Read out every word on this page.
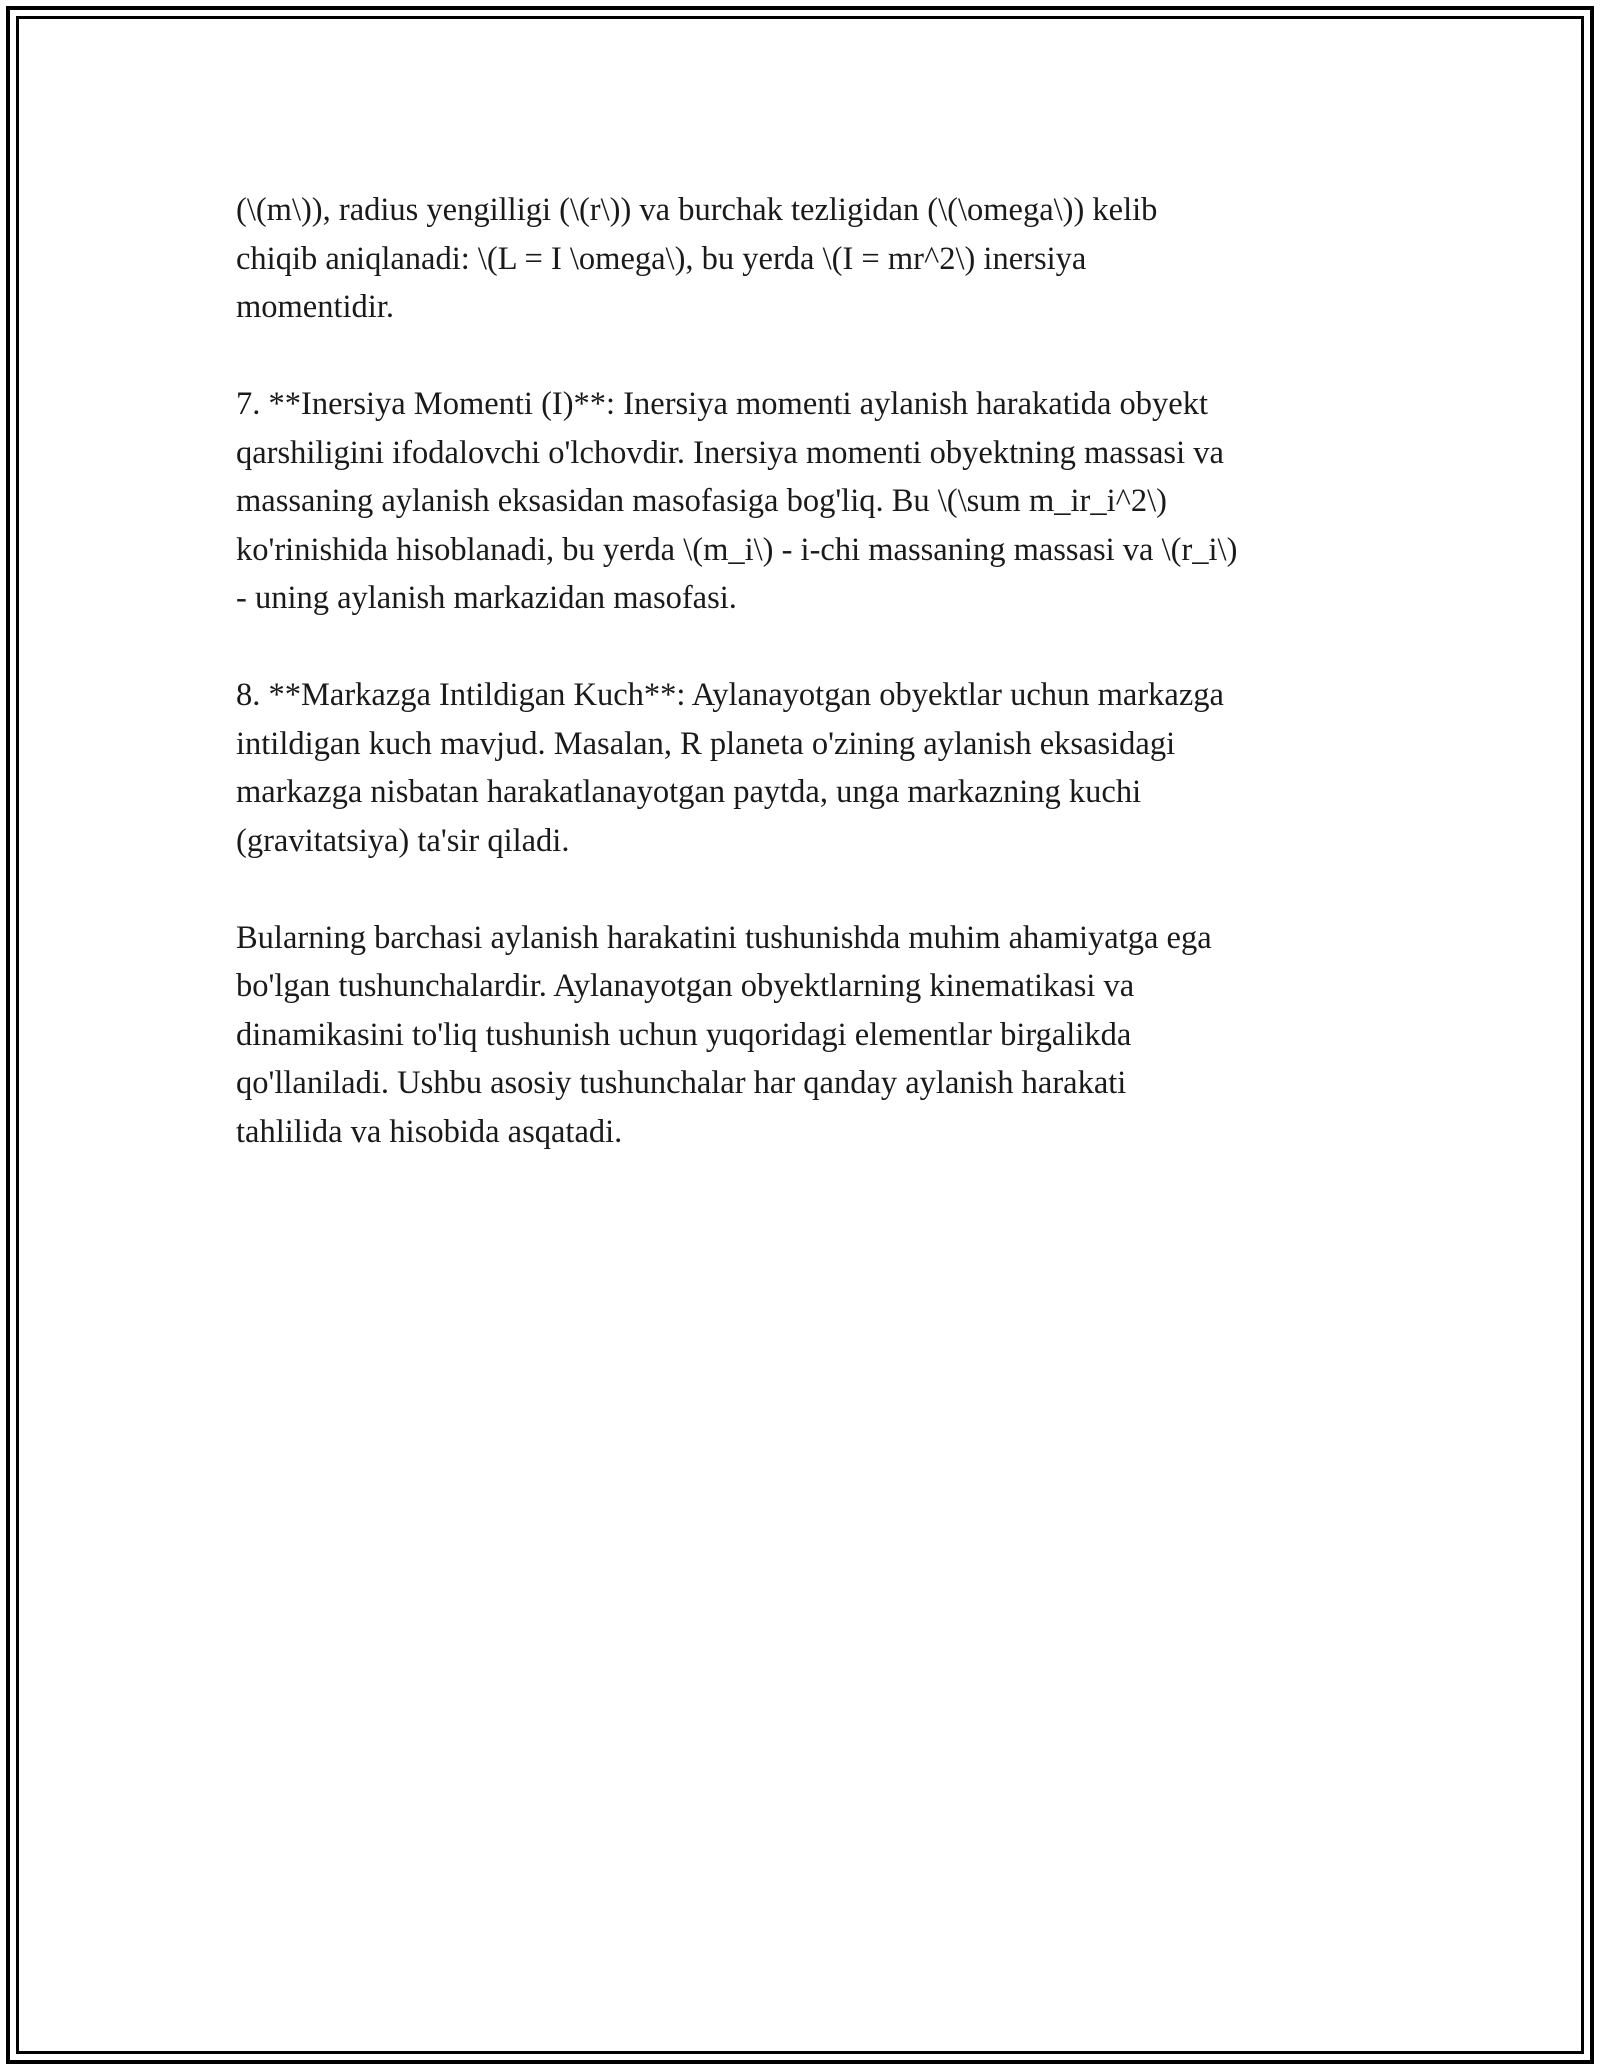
(\(m\)), radius yengilligi (\(r\)) va burchak tezligidan (\(\omega\)) kelib
chiqib aniqlanadi: \(L = I \omega\), bu yerda \(I = mr^2\) inersiya
momentidir.

7. **Inersiya Momenti (I)**: Inersiya momenti aylanish harakatida obyekt
qarshiligini ifodalovchi o'lchovdir. Inersiya momenti obyektning massasi va
massaning aylanish eksasidan masofasiga bog'liq. Bu \(\sum m_ir_i^2\)
ko'rinishida hisoblanadi, bu yerda \(m_i\) - i-chi massaning massasi va \(r_i\)
- uning aylanish markazidan masofasi.

8. **Markazga Intildigan Kuch**: Aylanayotgan obyektlar uchun markazga
intildigan kuch mavjud. Masalan, R planeta o'zining aylanish eksasidagi
markazga nisbatan harakatlanayotgan paytda, unga markazning kuchi
(gravitatsiya) ta'sir qiladi.

Bularning barchasi aylanish harakatini tushunishda muhim ahamiyatga ega
bo'lgan tushunchalardir. Aylanayotgan obyektlarning kinematikasi va
dinamikasini to'liq tushunish uchun yuqoridagi elementlar birgalikda
qo'llaniladi. Ushbu asosiy tushunchalar har qanday aylanish harakati
tahlilida va hisobida asqatadi.
